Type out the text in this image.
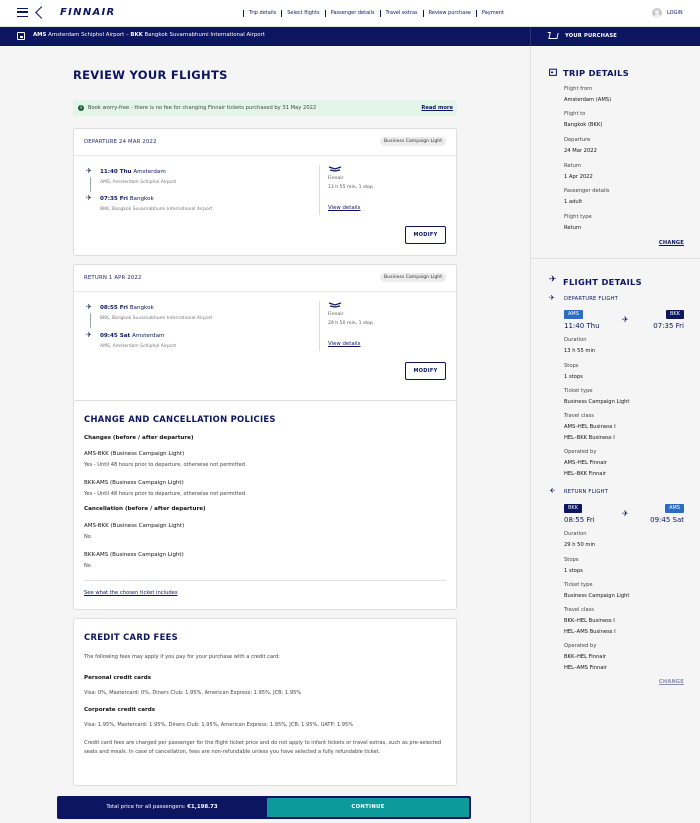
FINNAIR	Trip details	Select flights	Passenger details	Travel extras	Review purchase	Payment	LOGIN
AMS Amsterdam Schiphol Airport – BKK Bangkok Suvarnabhumi International Airport	YOUR PURCHASE
REVIEW YOUR FLIGHTS
i	Book worry-free - there is no fee for changing Finnair tickets purchased by 31 May 2022	Read more
DEPARTURE 24 MAR 2022	Business Campaign Light
✈ 11:40 Thu Amsterdam
AMS, Amsterdam Schiphol Airport
✈ 07:35 Fri Bangkok
BKK, Bangkok Suvarnabhumi International Airport
Finnair
13 h 55 min, 1 stop
View details
MODIFY
RETURN 1 APR 2022	Business Campaign Light
✈ 08:55 Fri Bangkok
BKK, Bangkok Suvarnabhumi International Airport
✈ 09:45 Sat Amsterdam
AMS, Amsterdam Schiphol Airport
Finnair
29 h 50 min, 1 stop
View details
MODIFY
CHANGE AND CANCELLATION POLICIES
Changes (before / after departure)
AMS-BKK (Business Campaign Light)
Yes - Until 48 hours prior to departure, otherwise not permitted
BKK-AMS (Business Campaign Light)
Yes - Until 48 hours prior to departure, otherwise not permitted
Cancellation (before / after departure)
AMS-BKK (Business Campaign Light)
No
BKK-AMS (Business Campaign Light)
No
See what the chosen ticket includes
CREDIT CARD FEES
The following fees may apply if you pay for your purchase with a credit card:
Personal credit cards
Visa: 0%, Mastercard: 0%, Diners Club: 1.95%, American Express: 1.95%, JCB: 1.95%
Corporate credit cards
Visa: 1.95%, Mastercard: 1.95%, Diners Club: 1.95%, American Express: 1.95%, JCB: 1.95%, UATP: 1.95%
Credit card fees are charged per passenger for the flight ticket price and do not apply to infant tickets or travel extras, such as pre-selected seats and meals. In case of cancellation, fees are non-refundable unless you have selected a fully refundable ticket.
Total price for all passengers: €1,198.73	CONTINUE
TRIP DETAILS
Flight from
Amsterdam (AMS)
Flight to
Bangkok (BKK)
Departure
24 Mar 2022
Return
1 Apr 2022
Passenger details
1 adult
Flight type
Return
CHANGE
✈ FLIGHT DETAILS
✈ DEPARTURE FLIGHT
AMS	BKK
11:40 Thu
✈
07:35 Fri
Duration
13 h 55 min
Stops
1 stops
Ticket type
Business Campaign Light
Travel class
AMS–HEL Business I
HEL–BKK Business I
Operated by
AMS–HEL Finnair
HEL–BKK Finnair
✈ RETURN FLIGHT
BKK	AMS
08:55 Fri
✈
09:45 Sat
Duration
29 h 50 min
Stops
1 stops
Ticket type
Business Campaign Light
Travel class
BKK–HEL Business I
HEL–AMS Business I
Operated by
BKK–HEL Finnair
HEL–AMS Finnair
CHANGE
